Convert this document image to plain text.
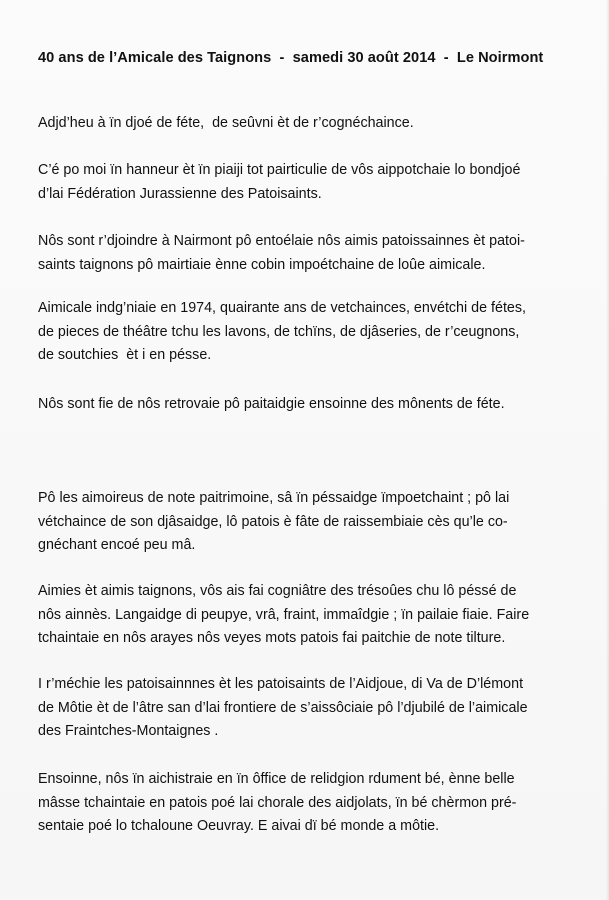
40 ans de l’Amicale des Taignons  -  samedi 30 août 2014  -  Le Noirmont
Adjd’heu à ïn djoé de féte,  de seûvni èt de r’cognéchaince.
C’é po moi ïn hanneur èt ïn piaiji tot pairticulie de vôs aippotchaie lo bondjoé
d’lai Fédération Jurassienne des Patoisaints.
Nôs sont r’djoindre à Nairmont pô entoélaie nôs aimis patoissainnes èt patoi-
saints taignons pô mairtiaie ènne cobin impoétchaine de loûe aimicale.
Aimicale indg’niaie en 1974, quairante ans de vetchainces, envétchi de fétes,
de pieces de théâtre tchu les lavons, de tchïns, de djâseries, de r’ceugnons,
de soutchies  èt i en pésse.
Nôs sont fie de nôs retrovaie pô paitaidgie ensoinne des mônents de féte.
Pô les aimoireus de note paitrimoine, sâ ïn péssaidge ïmpoetchaint ; pô lai
vétchaince de son djâsaidge, lô patois è fâte de raissembiaie cès qu’le co-
gnéchant encoé peu mâ.
Aimies èt aimis taignons, vôs ais fai cogniâtre des trésoûes chu lô péssé de
nôs ainnès. Langaidge di peupye, vrâ, fraint, immaîdgie ; ïn pailaie fiaie. Faire
tchaintaie en nôs arayes nôs veyes mots patois fai paitchie de note tilture.
I r’méchie les patoisainnnes èt les patoisaints de l’Aidjoue, di Va de D’lémont
de Môtie èt de l’âtre san d’lai frontiere de s’aissôciaie pô l’djubilé de l’aimicale
des Fraintches-Montaignes .
Ensoinne, nôs ïn aichistraie en ïn ôffice de relidgion rdument bé, ènne belle
mâsse tchaintaie en patois poé lai chorale des aidjolats, ïn bé chèrmon pré-
sentaie poé lo tchaloune Oeuvray. E aivai dï bé monde a môtie.
